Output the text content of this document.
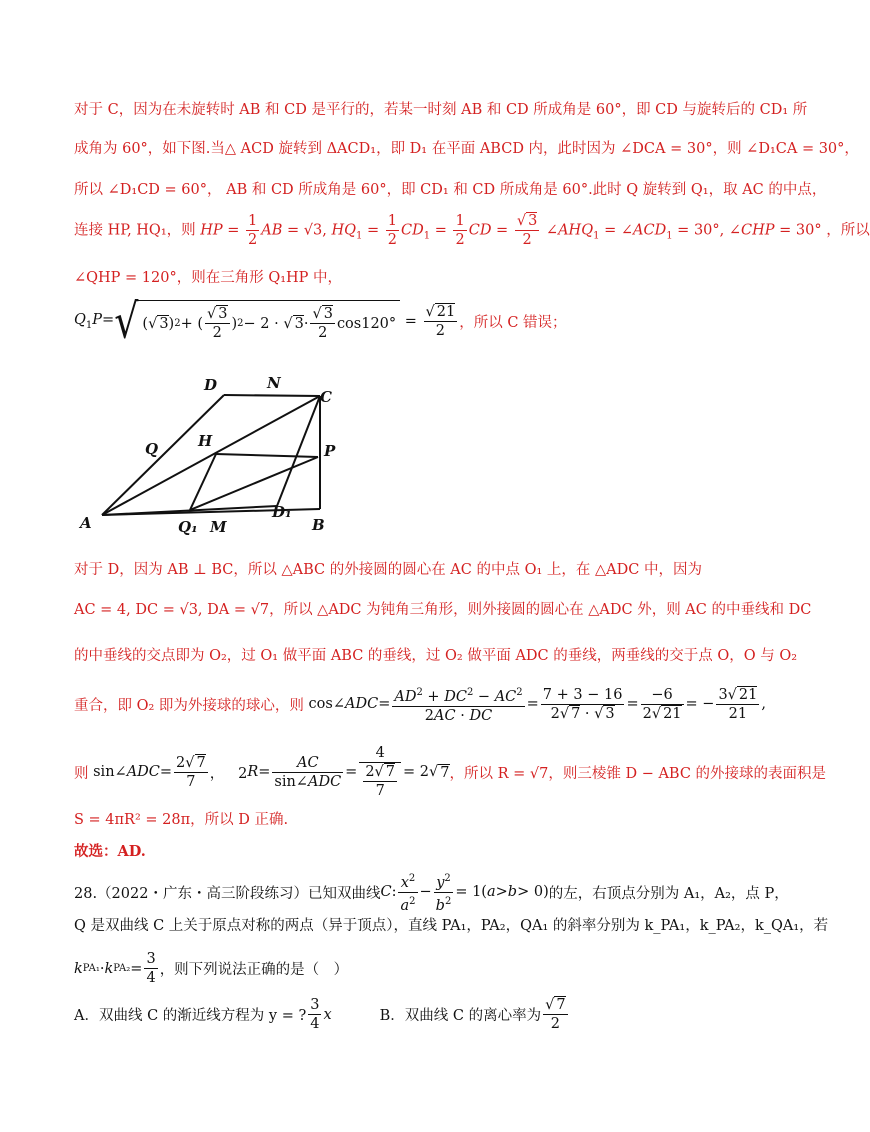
对于 C，因为在未旋转时 AB 和 CD 是平行的，若某一时刻 AB 和 CD 所成角是 60°，即 CD 与旋转后的 CD₁ 所
成角为 60°，如下图.当△ ACD 旋转到 ΔACD₁，即 D₁ 在平面 ABCD 内，此时因为 ∠DCA = 30°，则 ∠D₁CA = 30°，
所以 ∠D₁CD = 60°， AB 和 CD 所成角是 60°，即 CD₁ 和 CD 所成角是 60°.此时 Q 旋转到 Q₁，取 AC 的中点，
连接 HP, HQ₁，则 HP = $\frac{1}{2}$ AB = √3, $HQ_1 = \frac{1}{2} CD_1 = \frac{1}{2}$ CD = $\frac{√ 3}{2}$ $\angle AHQ_1$ = $\angle ACD_1 = 30^\circ$, ∠CHP = 30° ，所以
∠QHP = 120°，则在三角形 Q₁HP 中，
$Q_1P=$ √ (√ 3 ) 2 + ( $\frac{√ 3}{2}$ ) 2 − 2 · √ $3 \cdot \frac{√ 3}{2} \cos 120^\circ = \frac{√ 21}{2}$ ，所以 C 错误；
D	N
C
Q	H
P
A	Q₁ M
D₁
B
对于 D，因为 AB ⊥ BC，所以 △ABC 的外接圆的圆心在 AC 的中点 O₁ 上，在 △ADC 中，因为
AC = 4, DC = √3, DA = √7，所以 △ADC 为钝角三角形，则外接圆的圆心在 △ADC 外，则 AC 的中垂线和 DC
的中垂线的交点即为 O₂，过 O₁ 做平面 ABC 的垂线，过 O₂ 做平面 ADC 的垂线，两垂线的交于点 O，O 与 O₂
重合，即 O₂ 即为外接球的球心，则 cos∠ ADC = $\frac{AD^2 + DC^2 - AC^2}{2AC \cdot DC} = \frac{7 + 3 - 16}{2√ 7 \cdot √ 3} = \frac{-6}{2√ 21}$ = − $\frac{3√ 21}{21}$ ,
则 sin∠ ADC = $\frac{2√ 7}{7}$ ，   2 $R = \frac{AC}{\text{sin∠ADC}} = \frac{4}{\frac{2√ 7}{7}} = 2√$ 7 ，所以 R = √7，则三棱锥 D − ABC 的外接球的表面积是
S = 4πR² = 28π，所以 D 正确.
故选：AD.
28.（2022・广东・高三阶段练习）已知双曲线 C : $\frac{x^2}{a^2} - \frac{y^2}{b^2} = 1$( a > b > 0) 的左，右顶点分别为 A₁，A₂，点 P，
Q 是双曲线 C 上关于原点对称的两点（异于顶点），直线 PA₁，PA₂，QA₁ 的斜率分别为 k_PA₁，k_PA₂，k_QA₁，若
k PA₁ · k $PA_2 = \frac{3}{4}$ ，则下列说法正确的是（　）
A．双曲线 C 的渐近线方程为 y = ? $\frac{3}{4}$ x	B．双曲线 C 的离心率为 $\frac{√ 7}{2}$
